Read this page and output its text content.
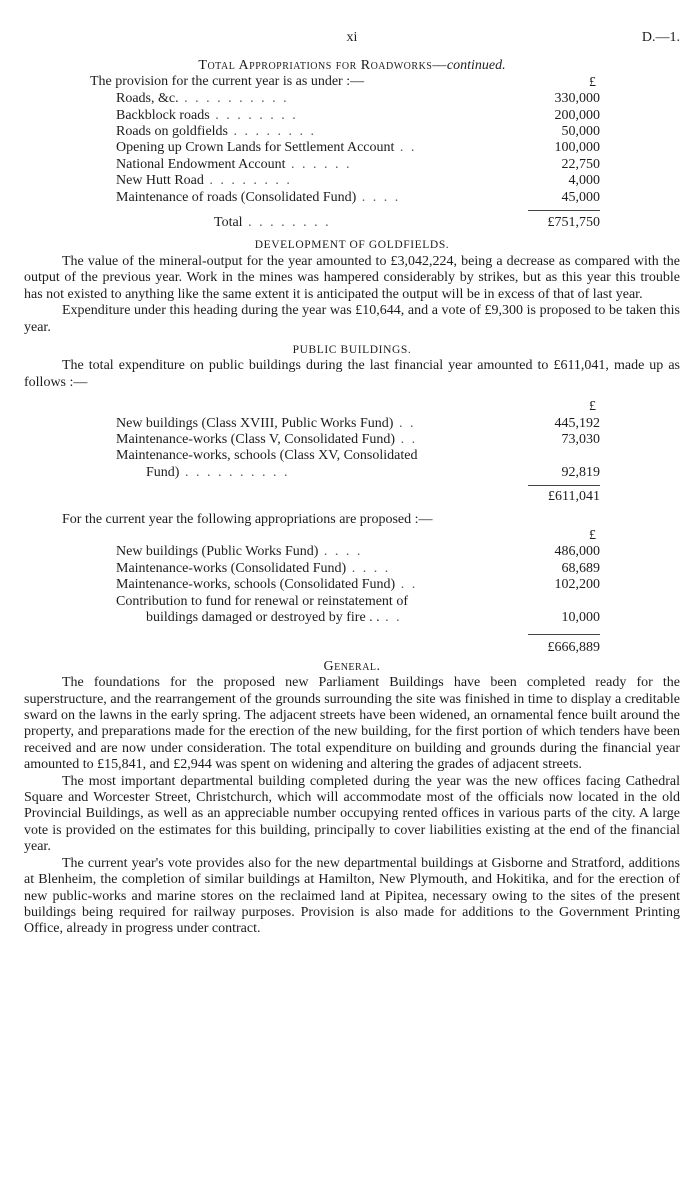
xi	D.—1.
Total Appropriations for Roadworks—continued.
The provision for the current year is as under :—	£
Roads, &c. . . . . . . . . . .	330,000
Backblock roads . . . . . . . .	200,000
Roads on goldfields . . . . . . . .	50,000
Opening up Crown Lands for Settlement Account . .	100,000
National Endowment Account . . . . . .	22,750
New Hutt Road . . . . . . . .	4,000
Maintenance of roads (Consolidated Fund) . . . .	45,000
Total . . . . . . . .	£751,750
DEVELOPMENT OF GOLDFIELDS.

The value of the mineral-output for the year amounted to £3,042,224, being a decrease as compared with the output of the previous year. Work in the mines was hampered considerably by strikes, but as this year this trouble has not existed to anything like the same extent it is anticipated the output will be in excess of that of last year.

Expenditure under this heading during the year was £10,644, and a vote of £9,300 is proposed to be taken this year.

PUBLIC BUILDINGS.

The total expenditure on public buildings during the last financial year amounted to £611,041, made up as follows :—

£
New buildings (Class XVIII, Public Works Fund) . .	445,192
Maintenance-works (Class V, Consolidated Fund) . .	73,030
Maintenance-works, schools (Class XV, Consolidated
Fund) . . . . . . . . . .	92,819
£611,041
For the current year the following appropriations are proposed :—
£
New buildings (Public Works Fund) . . . .	486,000
Maintenance-works (Consolidated Fund) . . . .	68,689
Maintenance-works, schools (Consolidated Fund) . .	102,200
Contribution to fund for renewal or reinstatement of
buildings damaged or destroyed by fire . . . .	10,000
£666,889
General.

The foundations for the proposed new Parliament Buildings have been completed ready for the superstructure, and the rearrangement of the grounds surrounding the site was finished in time to display a creditable sward on the lawns in the early spring. The adjacent streets have been widened, an ornamental fence built around the property, and preparations made for the erection of the new building, for the first portion of which tenders have been received and are now under consideration. The total expenditure on building and grounds during the financial year amounted to £15,841, and £2,944 was spent on widening and altering the grades of adjacent streets.

The most important departmental building completed during the year was the new offices facing Cathedral Square and Worcester Street, Christchurch, which will accommodate most of the officials now located in the old Provincial Buildings, as well as an appreciable number occupying rented offices in various parts of the city. A large vote is provided on the estimates for this building, principally to cover liabilities existing at the end of the financial year.

The current year's vote provides also for the new departmental buildings at Gisborne and Stratford, additions at Blenheim, the completion of similar buildings at Hamilton, New Plymouth, and Hokitika, and for the erection of new public-works and marine stores on the reclaimed land at Pipitea, necessary owing to the sites of the present buildings being required for railway purposes. Provision is also made for additions to the Government Printing Office, already in progress under contract.
